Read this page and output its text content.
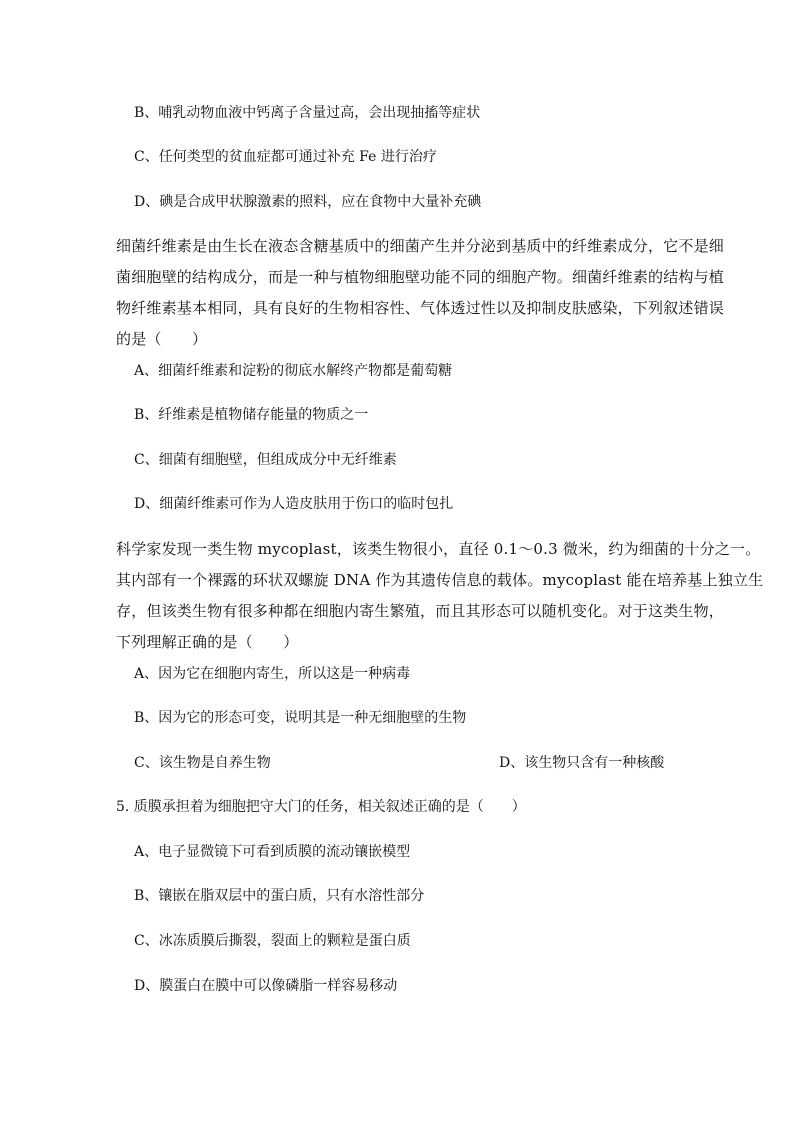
B、哺乳动物血液中钙离子含量过高，会出现抽搐等症状
C、任何类型的贫血症都可通过补充 Fe 进行治疗
D、碘是合成甲状腺激素的照料，应在食物中大量补充碘
细菌纤维素是由生长在液态含糖基质中的细菌产生并分泌到基质中的纤维素成分，它不是细
菌细胞壁的结构成分，而是一种与植物细胞壁功能不同的细胞产物。细菌纤维素的结构与植
物纤维素基本相同，具有良好的生物相容性、气体透过性以及抑制皮肤感染，下列叙述错误
的是（　　）
A、细菌纤维素和淀粉的彻底水解终产物都是葡萄糖
B、纤维素是植物储存能量的物质之一
C、细菌有细胞壁，但组成成分中无纤维素
D、细菌纤维素可作为人造皮肤用于伤口的临时包扎
科学家发现一类生物 mycoplast，该类生物很小，直径 0.1～0.3 微米，约为细菌的十分之一。
其内部有一个裸露的环状双螺旋 DNA 作为其遗传信息的载体。mycoplast 能在培养基上独立生
存，但该类生物有很多种都在细胞内寄生繁殖，而且其形态可以随机变化。对于这类生物，
下列理解正确的是（　　）
A、因为它在细胞内寄生，所以这是一种病毒
B、因为它的形态可变，说明其是一种无细胞壁的生物
C、该生物是自养生物	D、该生物只含有一种核酸
5. 质膜承担着为细胞把守大门的任务，相关叙述正确的是（　　）
A、电子显微镜下可看到质膜的流动镶嵌模型
B、镶嵌在脂双层中的蛋白质，只有水溶性部分
C、冰冻质膜后撕裂，裂面上的颗粒是蛋白质
D、膜蛋白在膜中可以像磷脂一样容易移动
